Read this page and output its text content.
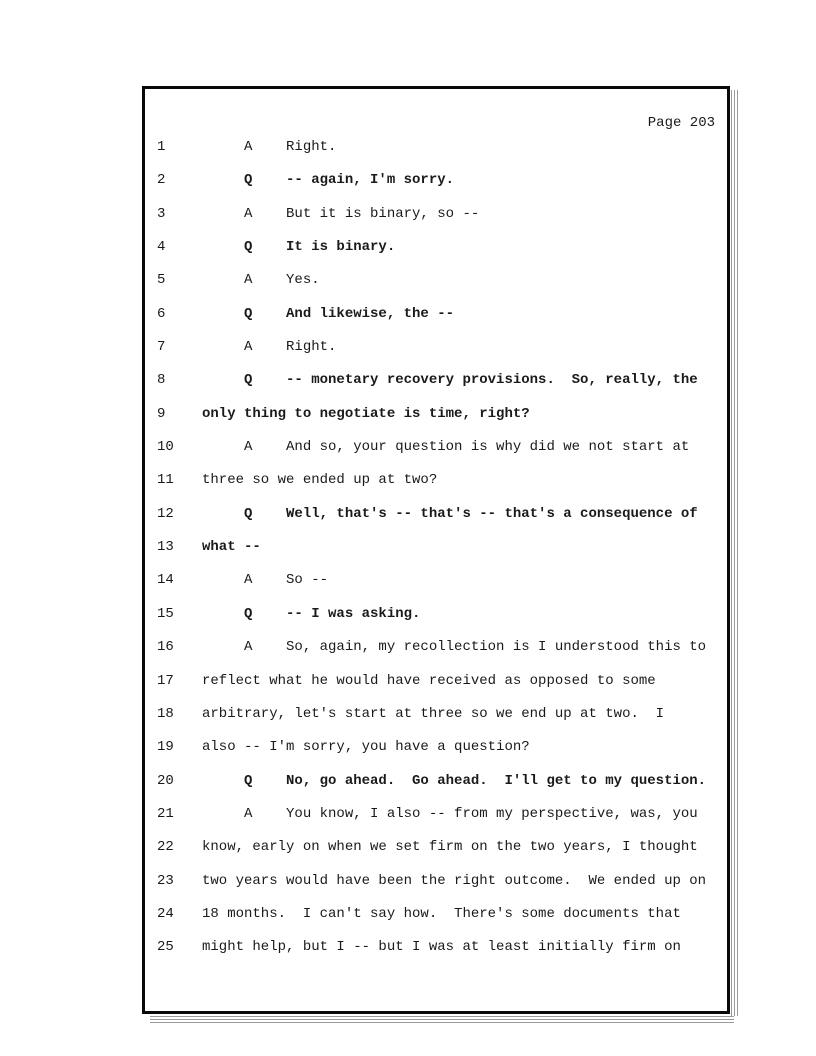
Page 203
1	A    Right.
2	Q    -- again, I'm sorry.
3	A    But it is binary, so --
4	Q    It is binary.
5	A    Yes.
6	Q    And likewise, the --
7	A    Right.
8	Q    -- monetary recovery provisions.  So, really, the
9	only thing to negotiate is time, right?
10	A    And so, your question is why did we not start at
11	three so we ended up at two?
12	Q    Well, that's -- that's -- that's a consequence of
13	what --
14	A    So --
15	Q    -- I was asking.
16	A    So, again, my recollection is I understood this to
17	reflect what he would have received as opposed to some
18	arbitrary, let's start at three so we end up at two.  I
19	also -- I'm sorry, you have a question?
20	Q    No, go ahead.  Go ahead.  I'll get to my question.
21	A    You know, I also -- from my perspective, was, you
22	know, early on when we set firm on the two years, I thought
23	two years would have been the right outcome.  We ended up on
24	18 months.  I can't say how.  There's some documents that
25	might help, but I -- but I was at least initially firm on
